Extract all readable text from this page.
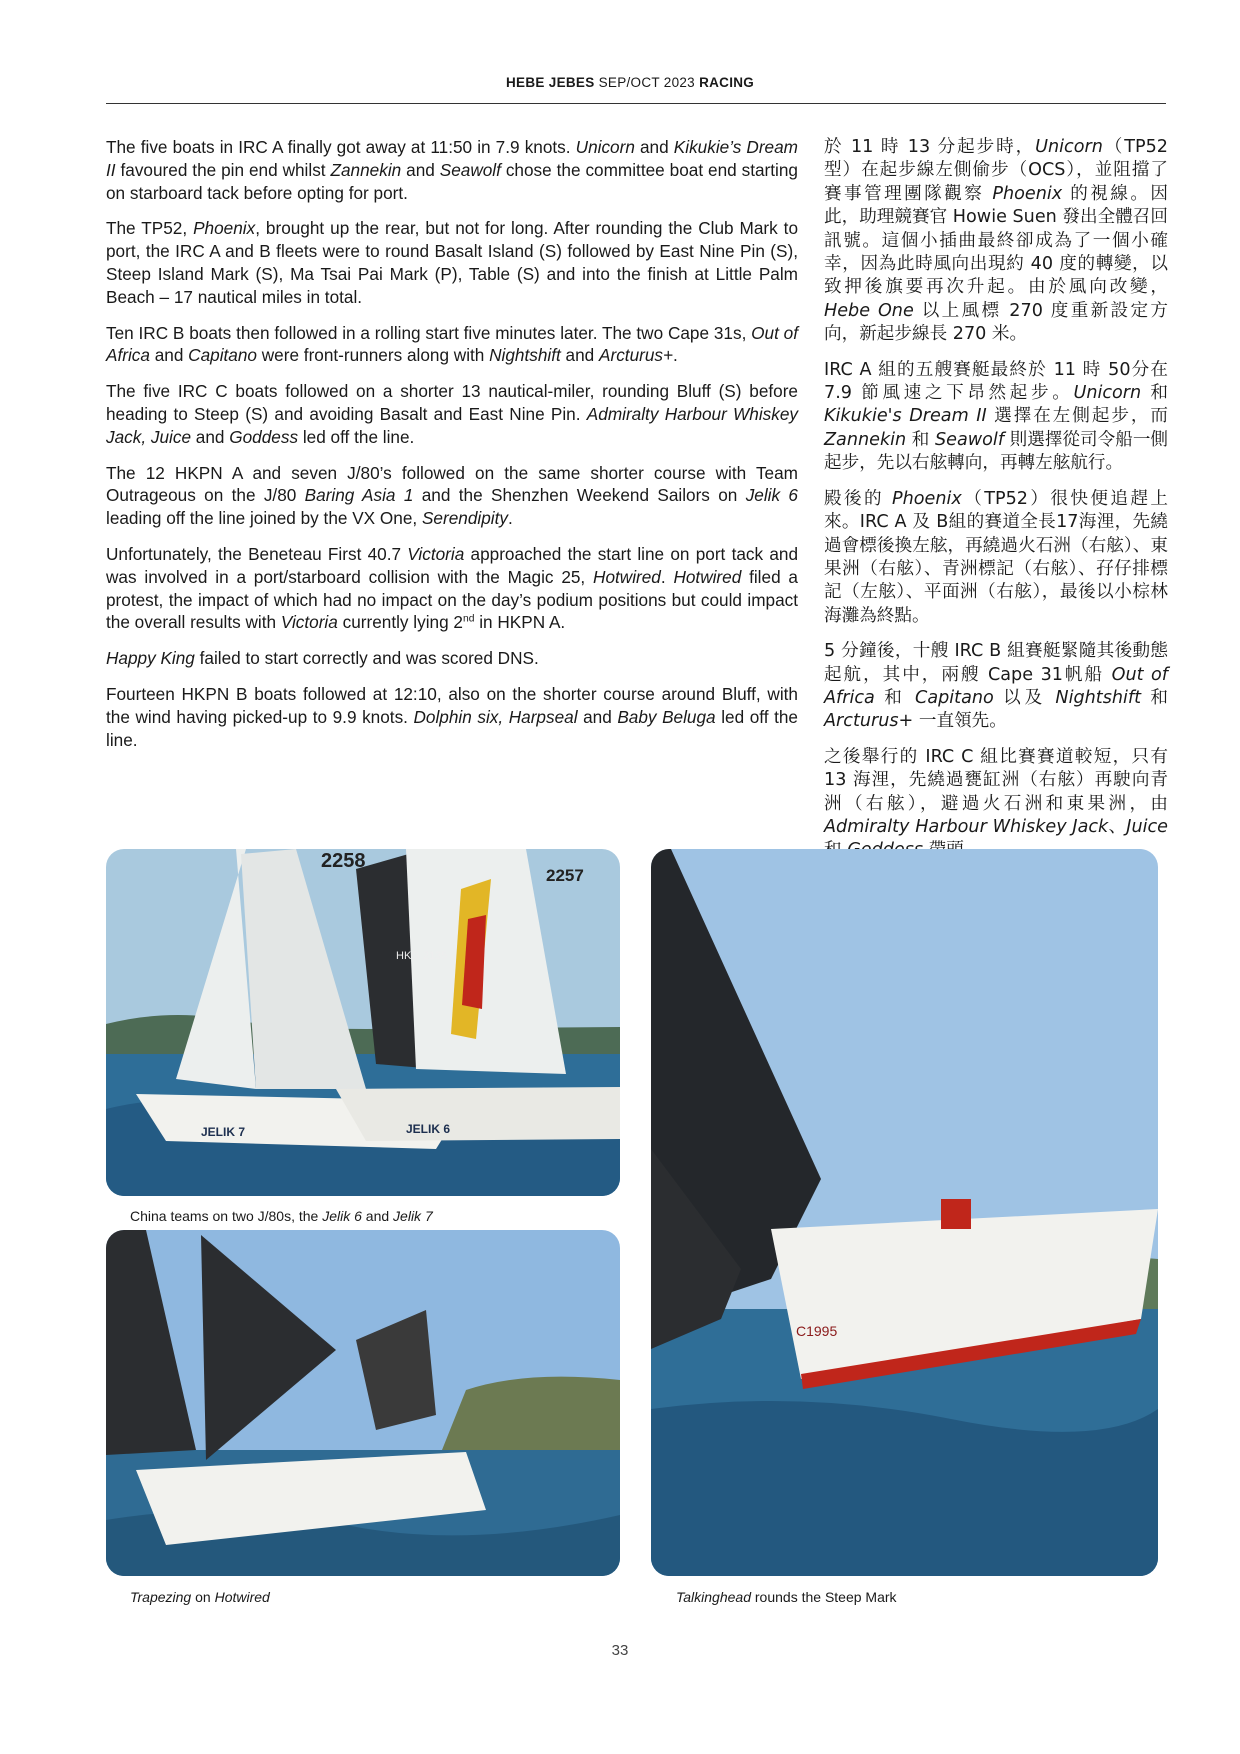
HEBE JEBES SEP/OCT 2023 RACING

The five boats in IRC A finally got away at 11:50 in 7.9 knots. Unicorn and Kikukie’s Dream II favoured the pin end whilst Zannekin and Seawolf chose the committee boat end starting on starboard tack before opting for port.

The TP52, Phoenix, brought up the rear, but not for long. After rounding the Club Mark to port, the IRC A and B fleets were to round Basalt Island (S) followed by East Nine Pin (S), Steep Island Mark (S), Ma Tsai Pai Mark (P), Table (S) and into the finish at Little Palm Beach – 17 nautical miles in total.

Ten IRC B boats then followed in a rolling start five minutes later. The two Cape 31s, Out of Africa and Capitano were front-runners along with Nightshift and Arcturus+.

The five IRC C boats followed on a shorter 13 nautical-miler, rounding Bluff (S) before heading to Steep (S) and avoiding Basalt and East Nine Pin. Admiralty Harbour Whiskey Jack, Juice and Goddess led off the line.

The 12 HKPN A and seven J/80’s followed on the same shorter course with Team Outrageous on the J/80 Baring Asia 1 and the Shenzhen Weekend Sailors on Jelik 6 leading off the line joined by the VX One, Serendipity.

Unfortunately, the Beneteau First 40.7 Victoria approached the start line on port tack and was involved in a port/starboard collision with the Magic 25, Hotwired. Hotwired filed a protest, the impact of which had no impact on the day’s podium positions but could impact the overall results with Victoria currently lying 2nd in HKPN A.

Happy King failed to start correctly and was scored DNS.

Fourteen HKPN B boats followed at 12:10, also on the shorter course around Bluff, with the wind having picked-up to 9.9 knots. Dolphin six, Harpseal and Baby Beluga led off the line.

於 11 時 13 分起步時，Unicorn（TP52型）在起步線左側偷步（OCS），並阻擋了賽事管理團隊觀察 Phoenix 的視線。因此，助理競賽官 Howie Suen 發出全體召回訊號。這個小插曲最終卻成為了一個小確幸，因為此時風向出現約 40 度的轉變，以致押後旗要再次升起。由於風向改變，Hebe One 以上風標 270 度重新設定方向，新起步線長 270 米。

IRC A 組的五艘賽艇最終於 11 時 50分在 7.9 節風速之下昂然起步。Unicorn 和 Kikukie's Dream II 選擇在左側起步，而 Zannekin 和 Seawolf 則選擇從司令船一側起步，先以右舷轉向，再轉左舷航行。

殿後的 Phoenix（TP52）很快便追趕上來。IRC A 及 B組的賽道全長17海浬，先繞過會標後換左舷，再繞過火石洲（右舷）、東果洲（右舷）、青洲標記（右舷）、孖仔排標記（左舷）、平面洲（右舷），最後以小棕林海灘為終點。

5 分鐘後，十艘 IRC B 組賽艇緊隨其後動態起航，其中，兩艘 Cape 31帆船 Out of Africa 和 Capitano 以及 Nightshift 和 Arcturus+ 一直領先。

之後舉行的 IRC C 組比賽賽道較短，只有 13 海浬，先繞過甕缸洲（右舷）再駛向青洲（右舷），避過火石洲和東果洲，由 Admiralty Harbour Whiskey Jack、Juice

2258
2257
HKG 2135
JELIK 7	JELIK 6
China teams on two J/80s, the Jelik 6 and Jelik 7
Trapezing on Hotwired
C1995
Talkinghead rounds the Steep Mark
33
